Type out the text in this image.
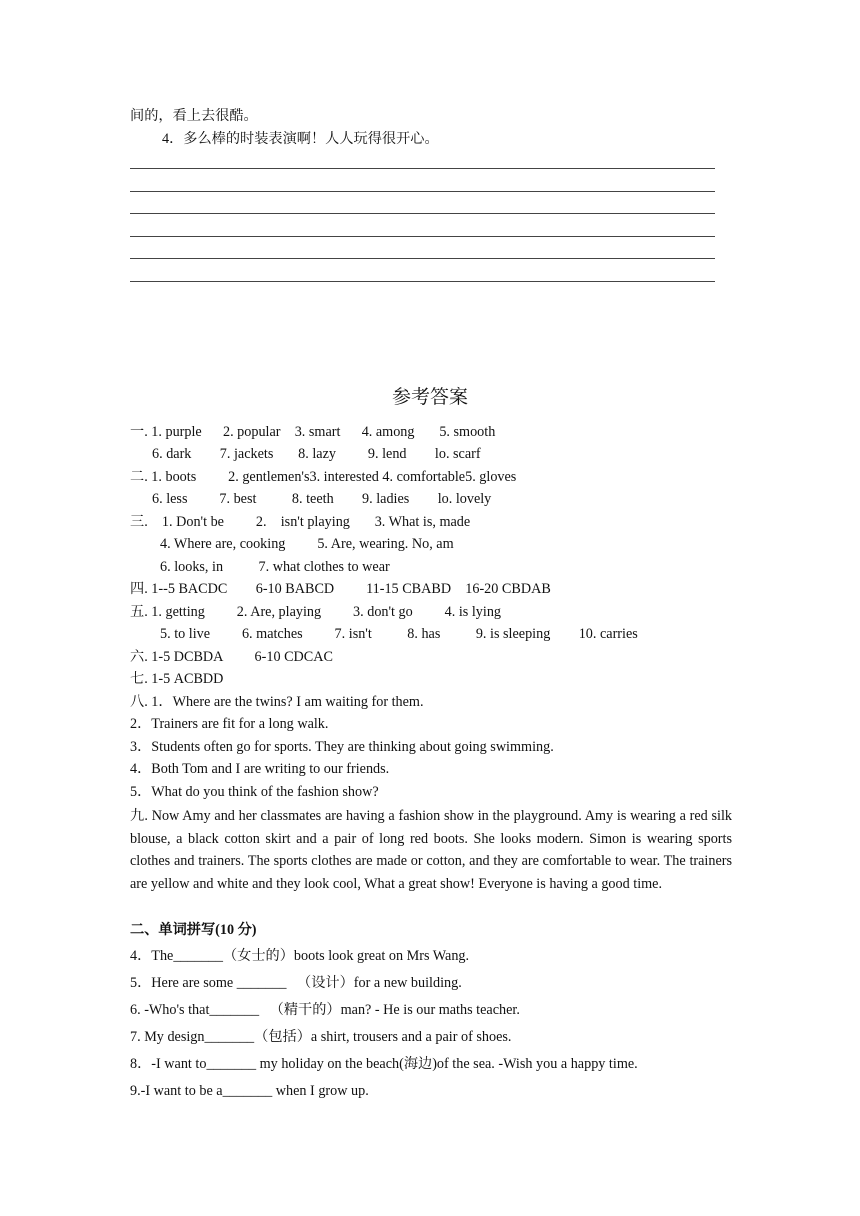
间的，看上去很酷。
4．多么棒的时装表演啊！人人玩得很开心。
参考答案
一. 1. purple      2. popular    3. smart      4. among       5. smooth
6. dark        7. jackets       8. lazy         9. lend        lo. scarf
二. 1. boots         2. gentlemen's3. interested 4. comfortable5. gloves
6. less         7. best          8. teeth        9. ladies        lo. lovely
三.    1. Don't be         2.    isn't playing       3. What is, made
4. Where are, cooking         5. Are, wearing. No, am
6. looks, in          7. what clothes to wear
四. 1--5 BACDC        6-10 BABCD         11-15 CBABD    16-20 CBDAB
五. 1. getting         2. Are, playing         3. don't go         4. is lying
5. to live         6. matches         7. isn't          8. has          9. is sleeping        10. carries
六. 1-5 DCBDA         6-10 CDCAC
七. 1-5 ACBDD
八. 1．Where are the twins? I am waiting for them.
2．Trainers are fit for a long walk.
3．Students often go for sports. They are thinking about going swimming.
4．Both Tom and I are writing to our friends.
5．What do you think of the fashion show?
九. Now Amy and her classmates are having a fashion show in the playground. Amy is wearing a red silk blouse, a black cotton skirt and a pair of long red boots. She looks modern. Simon is wearing sports clothes and trainers. The sports clothes are made or cotton, and they are comfortable to wear. The trainers are yellow and white and they look cool, What a great show! Everyone is having a good time.
二、单词拼写(10 分)
4．The_______（女士的）boots look great on Mrs Wang.
5．Here are some _______   （设计）for a new building.
6. -Who's that_______   （精干的）man? - He is our maths teacher.
7. My design_______（包括）a shirt, trousers and a pair of shoes.
8．-I want to_______ my holiday on the beach(海边)of the sea. -Wish you a happy time.
9.-I want to be a_______ when I grow up.
